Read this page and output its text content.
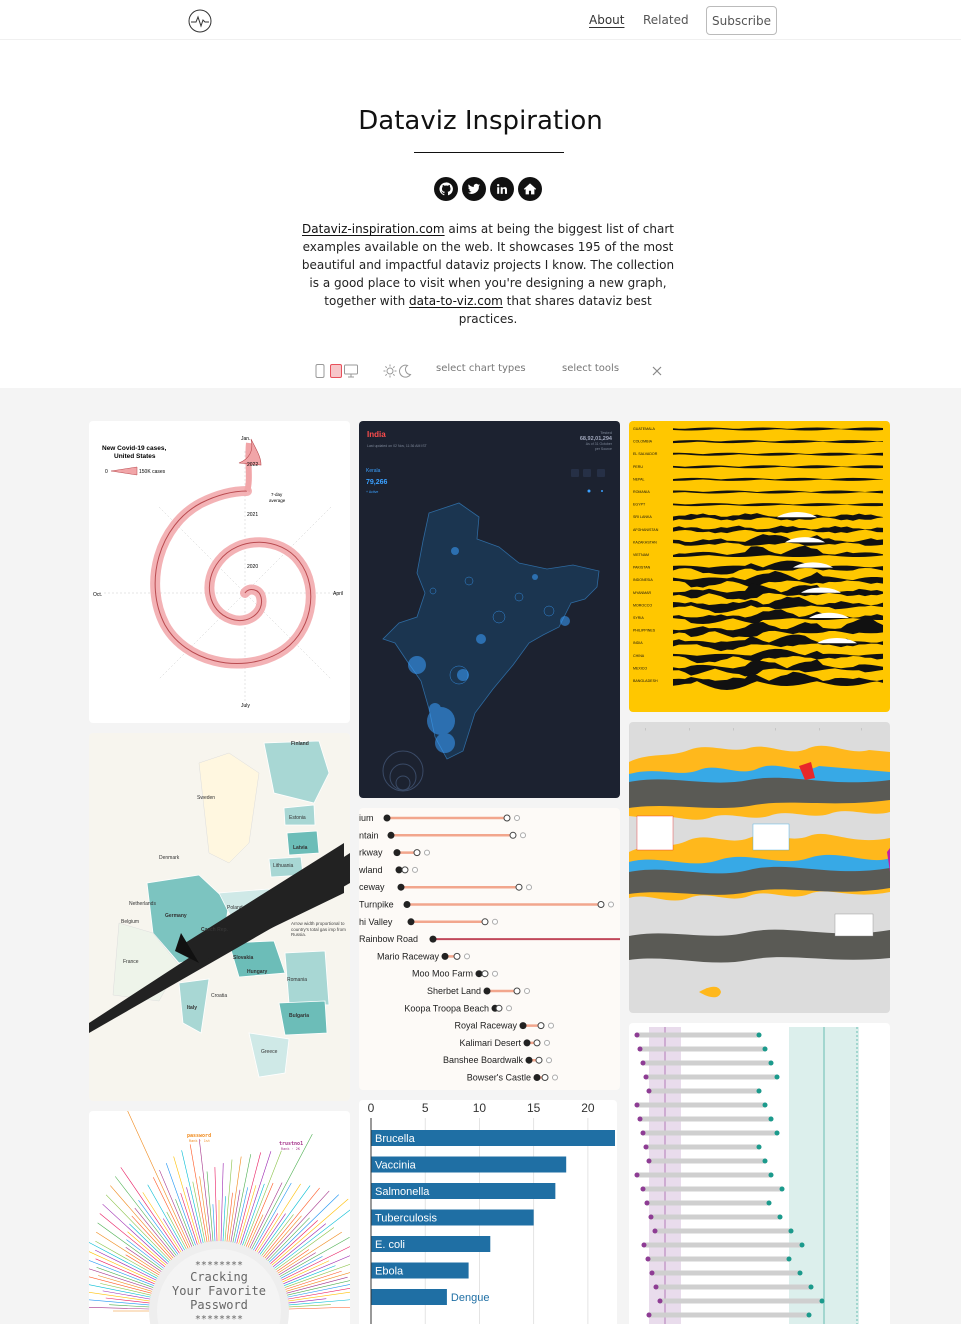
About Related	Subscribe
Dataviz Inspiration

Dataviz-inspiration.com aims at being the biggest list of chart examples available on the web. It showcases 195 of the most beautiful and impactful dataviz projects I know. The collection is a good place to visit when you're designing a new graph, together with data-to-viz.com that shares dataviz best practices.

select chart types	select tools
New Covid-19 cases,
United States
0	150K cases
Jan.
April
July
Oct.
2022
2021
2020
7-day
average
India
Last updated on 02 Nov, 11:36 AM IST
Tested
68,92,01,294
As of 31 October
per Source
Kerala
79,266
+ Active
GUATEMALA
COLOMBIA
EL SALVADOR
PERU
NEPAL
ROMANIA
EGYPT
SRI LANKA
AFGHANISTAN
KAZAKHSTAN
VIETNAM
PAKISTAN
INDONESIA
MYANMAR
MOROCCO
SYRIA
PHILIPPINES
INDIA
CHINA
MEXICO
BANGLADESH
Finland
Sweden
Estonia
Latvia
Denmark
Lithuania
Netherlands
Belgium
Germany
Poland
Czech Rep.
Slovakia
Hungary
France
Romania
Croatia
Italy
Bulgaria
Greece
Arrow width proportional to country's total gas imp from Russia.
ium
ntain
rkway
wland
ceway
Turnpike
hi Valley
Rainbow Road
Mario Raceway
Moo Moo Farm
Sherbet Land
Koopa Troopa Beach
Royal Raceway
Kalimari Desert
Banshee Boardwalk
Bowser's Castle
|	|	|	|	|	|
********
Cracking
Your Favorite
Password
********
password
Rank · 1st	trustno1
Rank · 2K
0	5	10	15	20
Brucella
Vaccinia
Salmonella
Tuberculosis
E. coli
Ebola
Dengue
